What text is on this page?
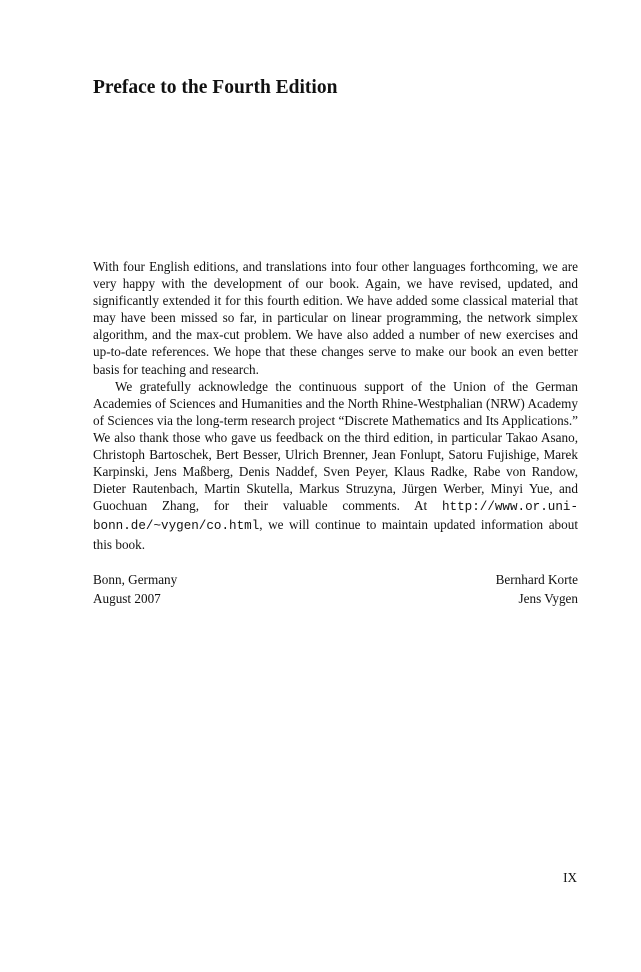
Preface to the Fourth Edition

With four English editions, and translations into four other languages forthcoming, we are very happy with the development of our book. Again, we have revised, updated, and significantly extended it for this fourth edition. We have added some classical material that may have been missed so far, in particular on linear programming, the network simplex algorithm, and the max-cut problem. We have also added a number of new exercises and up-to-date references. We hope that these changes serve to make our book an even better basis for teaching and research.

We gratefully acknowledge the continuous support of the Union of the German Academies of Sciences and Humanities and the North Rhine-Westphalian (NRW) Academy of Sciences via the long-term research project “Discrete Mathematics and Its Applications.” We also thank those who gave us feedback on the third edition, in particular Takao Asano, Christoph Bartoschek, Bert Besser, Ulrich Brenner, Jean Fonlupt, Satoru Fujishige, Marek Karpinski, Jens Maßberg, Denis Naddef, Sven Peyer, Klaus Radke, Rabe von Randow, Dieter Rautenbach, Martin Skutella, Markus Struzyna, Jürgen Werber, Minyi Yue, and Guochuan Zhang, for their valuable comments. At http://www.or.uni-bonn.de/~vygen/co.html, we will continue to maintain updated information about this book.

Bonn, Germany	Bernhard Korte
August 2007	Jens Vygen
IX
